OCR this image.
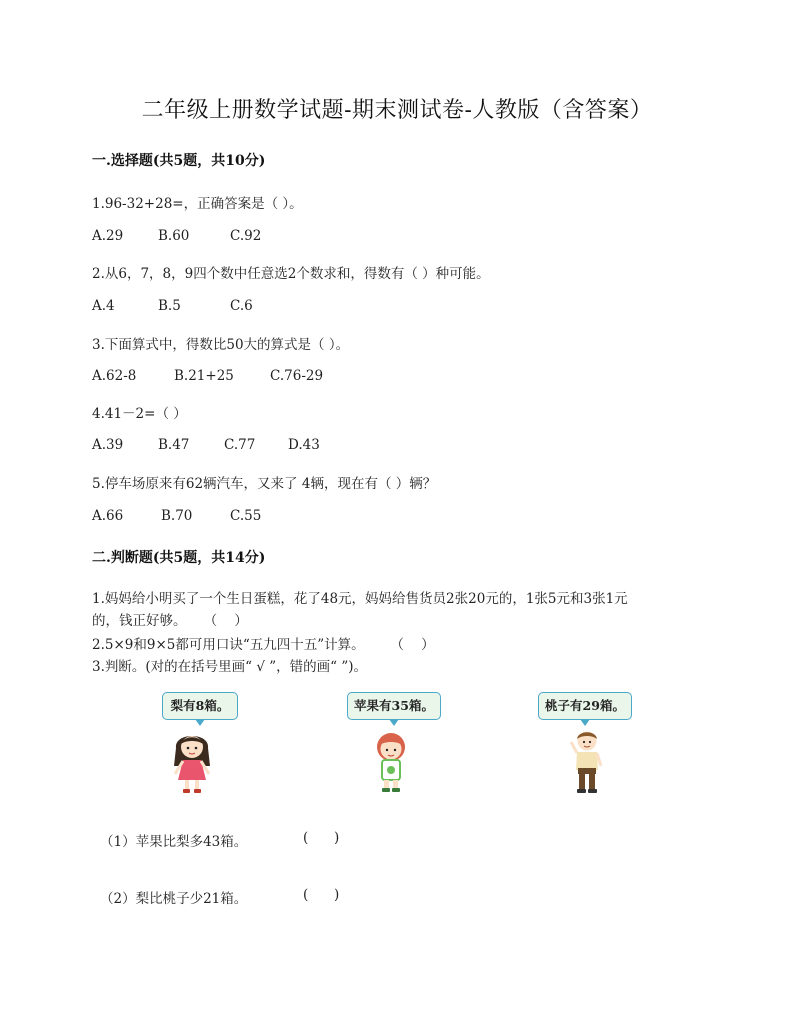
二年级上册数学试题-期末测试卷-人教版（含答案）
一.选择题(共5题，共10分)
1.96-32+28=，正确答案是（ ）。
A.29	B.60	C.92
2.从6，7，8，9四个数中任意选2个数求和，得数有（ ）种可能。
A.4	B.5	C.6
3.下面算式中，得数比50大的算式是（ ）。
A.62-8	B.21+25	C.76-29
4.41－2=（ ）
A.39	B.47	C.77 D.43
5.停车场原来有62辆汽车，又来了 4辆，现在有（ ）辆？
A.66	B.70	C.55
二.判断题(共5题，共14分)
1.妈妈给小明买了一个生日蛋糕，花了48元，妈妈给售货员2张20元的，1张5元和3张1元
的，钱正好够。    （    ）
2.5×9和9×5都可用口诀“五九四十五”计算。      （    ）
3.判断。(对的在括号里画“ √ ”，错的画“ ”)。
梨有8箱。	苹果有35箱。	桃子有29箱。
（1）苹果比梨多43箱。	(      )
（2）梨比桃子少21箱。	(      )
